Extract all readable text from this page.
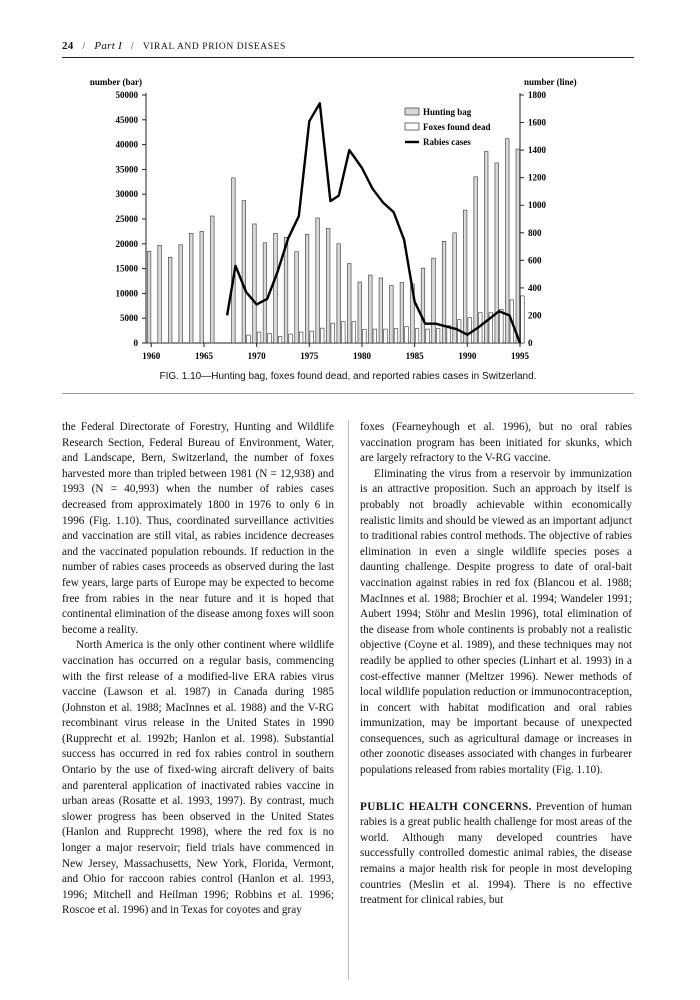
24 / Part I / VIRAL AND PRION DISEASES
number (bar)	number (line)
0
5000
10000
15000
20000
25000
30000
35000
40000
45000
50000
0
200
400
600
800
1000
1200
1400
1600
1800
1960	1965	1970	1975	1980	1985	1990	1995
Hunting bag
Foxes found dead
Rabies cases
FIG. 1.10—Hunting bag, foxes found dead, and reported rabies cases in Switzerland.

the Federal Directorate of Forestry, Hunting and Wildlife Research Section, Federal Bureau of Environment, Water, and Landscape, Bern, Switzerland, the number of foxes harvested more than tripled between 1981 (N = 12,938) and 1993 (N = 40,993) when the number of rabies cases decreased from approximately 1800 in 1976 to only 6 in 1996 (Fig. 1.10). Thus, coordinated surveillance activities and vaccination are still vital, as rabies incidence decreases and the vaccinated population rebounds. If reduction in the number of rabies cases proceeds as observed during the last few years, large parts of Europe may be expected to become free from rabies in the near future and it is hoped that continental elimination of the disease among foxes will soon become a reality.

North America is the only other continent where wildlife vaccination has occurred on a regular basis, commencing with the first release of a modified-live ERA rabies virus vaccine (Lawson et al. 1987) in Canada during 1985 (Johnston et al. 1988; MacInnes et al. 1988) and the V-RG recombinant virus release in the United States in 1990 (Rupprecht et al. 1992b; Hanlon et al. 1998). Substantial success has occurred in red fox rabies control in southern Ontario by the use of fixed-wing aircraft delivery of baits and parenteral application of inactivated rabies vaccine in urban areas (Rosatte et al. 1993, 1997). By contrast, much slower progress has been observed in the United States (Hanlon and Rupprecht 1998), where the red fox is no longer a major reservoir; field trials have commenced in New Jersey, Massachusetts, New York, Florida, Vermont, and Ohio for raccoon rabies control (Hanlon et al. 1993, 1996; Mitchell and Heilman 1996; Robbins et al. 1996; Roscoe et al. 1996) and in Texas for coyotes and gray

foxes (Fearneyhough et al. 1996), but no oral rabies vaccination program has been initiated for skunks, which are largely refractory to the V-RG vaccine.

Eliminating the virus from a reservoir by immunization is an attractive proposition. Such an approach by itself is probably not broadly achievable within economically realistic limits and should be viewed as an important adjunct to traditional rabies control methods. The objective of rabies elimination in even a single wildlife species poses a daunting challenge. Despite progress to date of oral-bait vaccination against rabies in red fox (Blancou et al. 1988; MacInnes et al. 1988; Brochier et al. 1994; Wandeler 1991; Aubert 1994; Stöhr and Meslin 1996), total elimination of the disease from whole continents is probably not a realistic objective (Coyne et al. 1989), and these techniques may not readily be applied to other species (Linhart et al. 1993) in a cost-effective manner (Meltzer 1996). Newer methods of local wildlife population reduction or immunocontraception, in concert with habitat modification and oral rabies immunization, may be important because of unexpected consequences, such as agricultural damage or increases in other zoonotic diseases associated with changes in furbearer populations released from rabies mortality (Fig. 1.10).

PUBLIC HEALTH CONCERNS. Prevention of human rabies is a great public health challenge for most areas of the world. Although many developed countries have successfully controlled domestic animal rabies, the disease remains a major health risk for people in most developing countries (Meslin et al. 1994). There is no effective treatment for clinical rabies, but
